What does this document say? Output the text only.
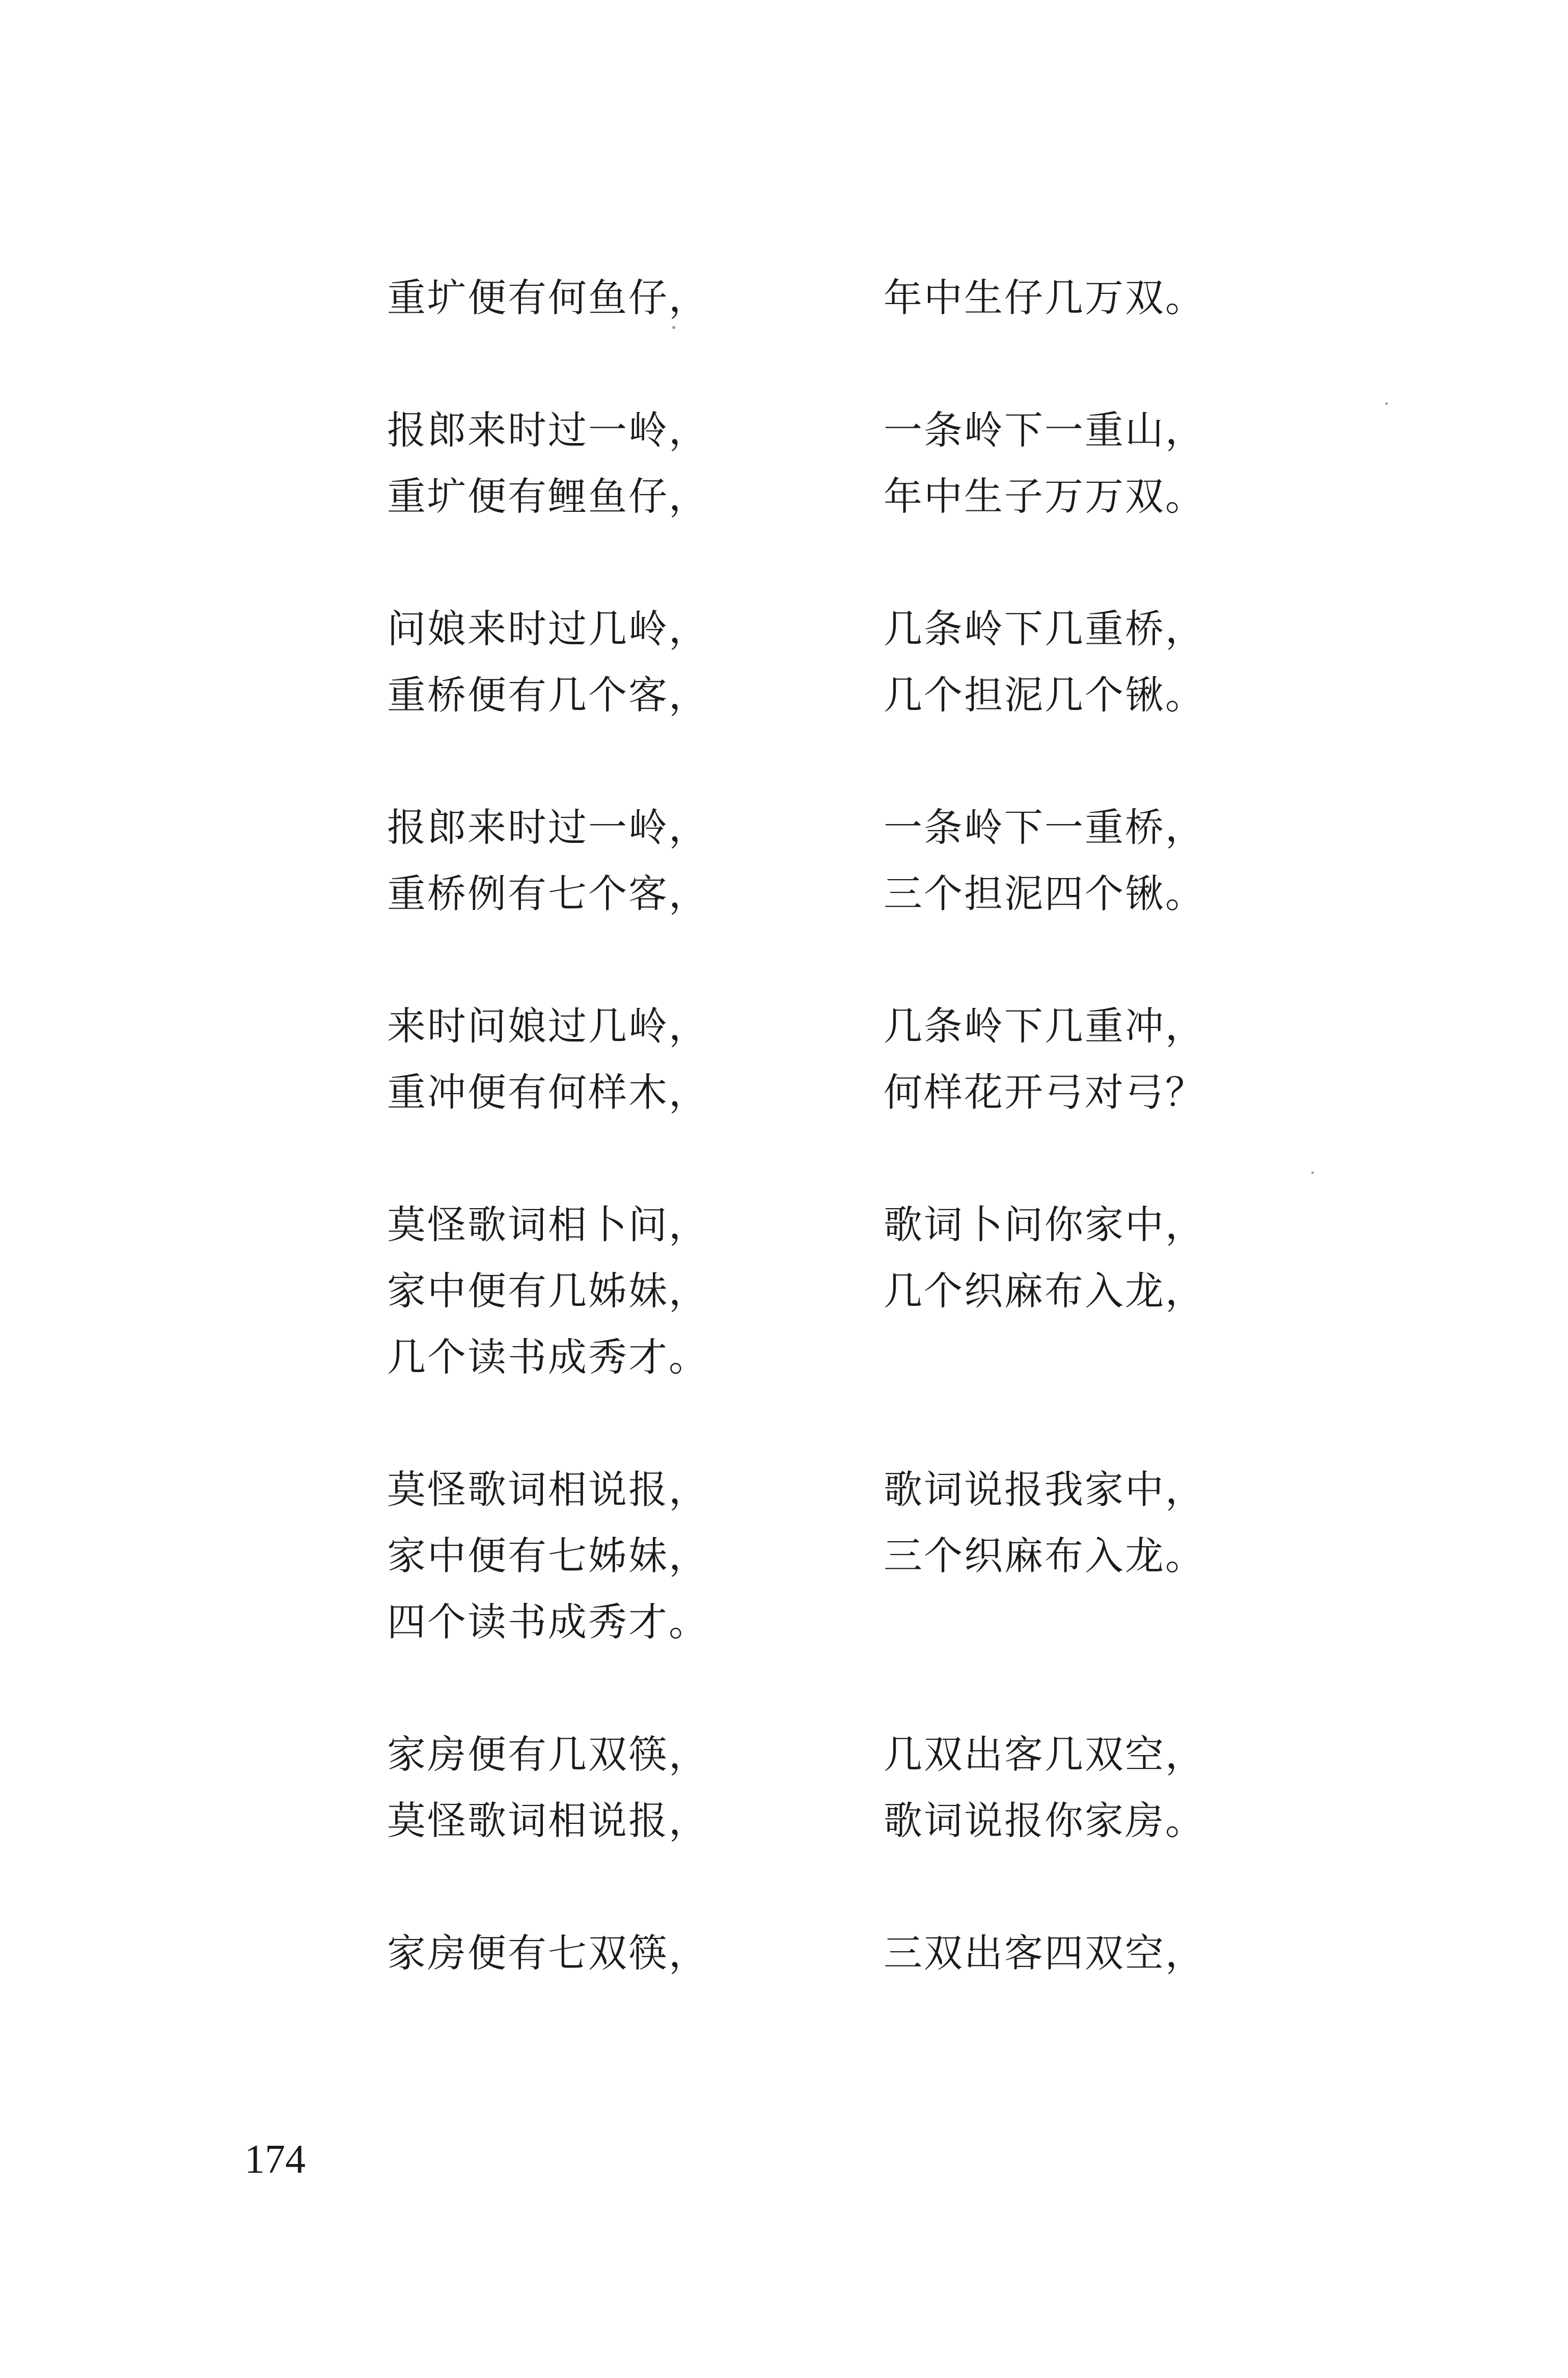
重圹便有何鱼仔，	年中生仔几万双。
报郎来时过一岭，	一条岭下一重山，
重圹便有鲤鱼仔，	年中生子万万双。
问娘来时过几岭，	几条岭下几重桥，
重桥便有几个客，	几个担泥几个锹。
报郎来时过一岭，	一条岭下一重桥，
重桥例有七个客，	三个担泥四个锹。
来时问娘过几岭，	几条岭下几重冲，
重冲便有何样木，	何样花开弓对弓？
莫怪歌词相卜问，	歌词卜问你家中，
家中便有几姊妹，	几个织麻布入龙，
几个读书成秀才。
莫怪歌词相说报，	歌词说报我家中，
家中便有七姊妹，	三个织麻布入龙。
四个读书成秀才。
家房便有几双筷，	几双出客几双空，
莫怪歌词相说报，	歌词说报你家房。
家房便有七双筷，	三双出客四双空，
174
